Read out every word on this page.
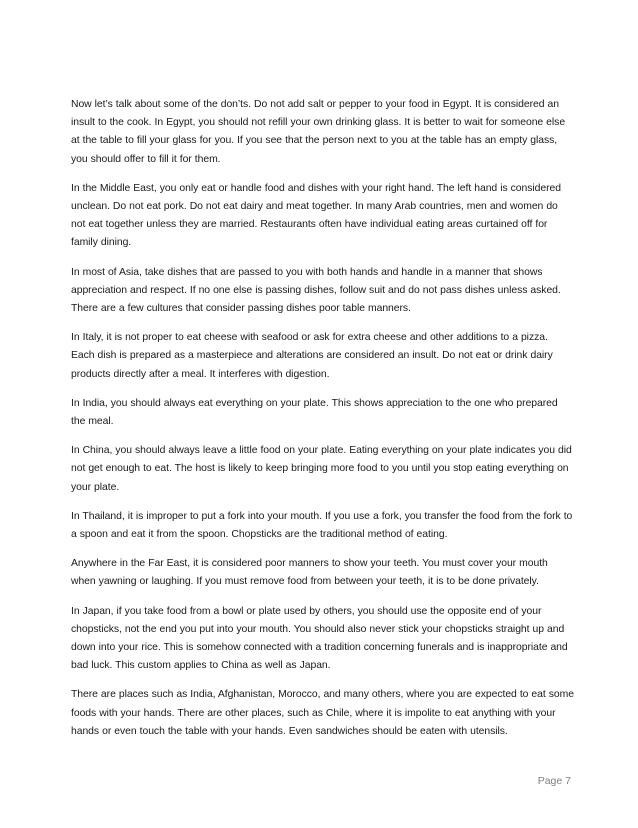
Now let’s talk about some of the don’ts. Do not add salt or pepper to your food in Egypt. It is considered an insult to the cook. In Egypt, you should not refill your own drinking glass. It is better to wait for someone else at the table to fill your glass for you. If you see that the person next to you at the table has an empty glass, you should offer to fill it for them.

In the Middle East, you only eat or handle food and dishes with your right hand. The left hand is considered unclean. Do not eat pork. Do not eat dairy and meat together. In many Arab countries, men and women do not eat together unless they are married. Restaurants often have individual eating areas curtained off for family dining.

In most of Asia, take dishes that are passed to you with both hands and handle in a manner that shows appreciation and respect. If no one else is passing dishes, follow suit and do not pass dishes unless asked. There are a few cultures that consider passing dishes poor table manners.

In Italy, it is not proper to eat cheese with seafood or ask for extra cheese and other additions to a pizza. Each dish is prepared as a masterpiece and alterations are considered an insult. Do not eat or drink dairy products directly after a meal. It interferes with digestion.

In India, you should always eat everything on your plate. This shows appreciation to the one who prepared the meal.

In China, you should always leave a little food on your plate. Eating everything on your plate indicates you did not get enough to eat. The host is likely to keep bringing more food to you until you stop eating everything on your plate.

In Thailand, it is improper to put a fork into your mouth. If you use a fork, you transfer the food from the fork to a spoon and eat it from the spoon. Chopsticks are the traditional method of eating.

Anywhere in the Far East, it is considered poor manners to show your teeth. You must cover your mouth when yawning or laughing. If you must remove food from between your teeth, it is to be done privately.

In Japan, if you take food from a bowl or plate used by others, you should use the opposite end of your chopsticks, not the end you put into your mouth. You should also never stick your chopsticks straight up and down into your rice. This is somehow connected with a tradition concerning funerals and is inappropriate and bad luck. This custom applies to China as well as Japan.

There are places such as India, Afghanistan, Morocco, and many others, where you are expected to eat some foods with your hands. There are other places, such as Chile, where it is impolite to eat anything with your hands or even touch the table with your hands. Even sandwiches should be eaten with utensils.

Page 7
